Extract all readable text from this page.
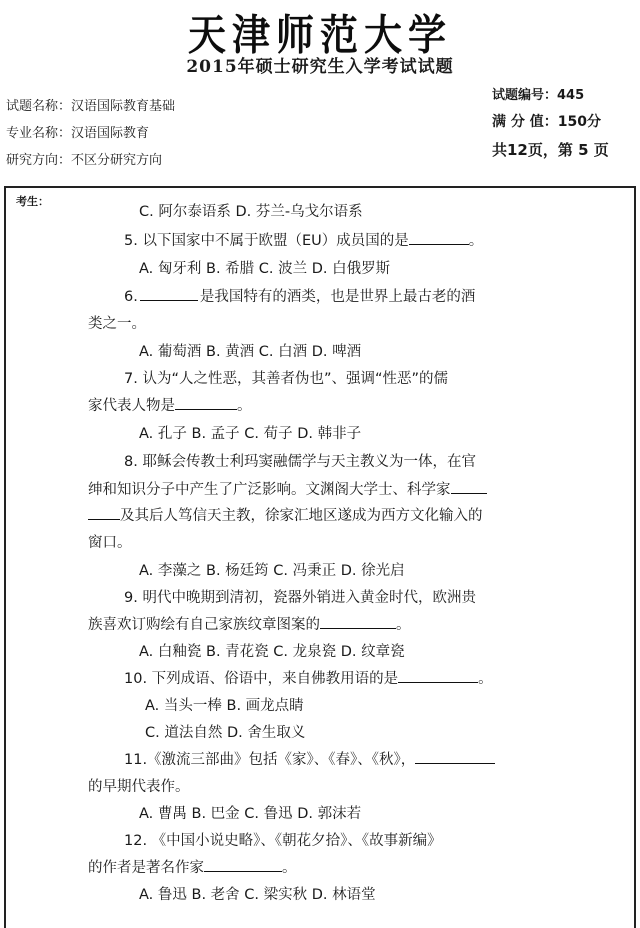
天津师范大学
2015年硕士研究生入学考试试题
试题名称：汉语国际教育基础
专业名称：汉语国际教育
研究方向：不区分研究方向
试题编号：445
满 分 值：150分
共12页，第 5 页
考生：
C. 阿尔泰语系 D. 芬兰-乌戈尔语系
5. 以下国家中不属于欧盟（EU）成员国的是	。
A. 匈牙利 B. 希腊 C. 波兰 D. 白俄罗斯
6.	是我国特有的酒类，也是世界上最古老的酒
类之一。
A. 葡萄酒 B. 黄酒 C. 白酒 D. 啤酒
7. 认为“人之性恶，其善者伪也”、强调“性恶”的儒
家代表人物是	。
A. 孔子 B. 孟子 C. 荀子 D. 韩非子
8. 耶稣会传教士利玛窦融儒学与天主教义为一体，在官
绅和知识分子中产生了广泛影响。文渊阁大学士、科学家
及其后人笃信天主教，徐家汇地区遂成为西方文化输入的
窗口。
A. 李藻之 B. 杨廷筠 C. 冯秉正 D. 徐光启
9. 明代中晚期到清初，瓷器外销进入黄金时代，欧洲贵
族喜欢订购绘有自己家族纹章图案的	。
A. 白釉瓷 B. 青花瓷 C. 龙泉瓷 D. 纹章瓷
10. 下列成语、俗语中，来自佛教用语的是	。
A. 当头一棒 B. 画龙点睛
C. 道法自然 D. 舍生取义
11.《激流三部曲》包括《家》、《春》、《秋》，
的早期代表作。
A. 曹禺 B. 巴金 C. 鲁迅 D. 郭沫若
12. 《中国小说史略》、《朝花夕拾》、《故事新编》
的作者是著名作家	。
A. 鲁迅 B. 老舍 C. 梁实秋 D. 林语堂
